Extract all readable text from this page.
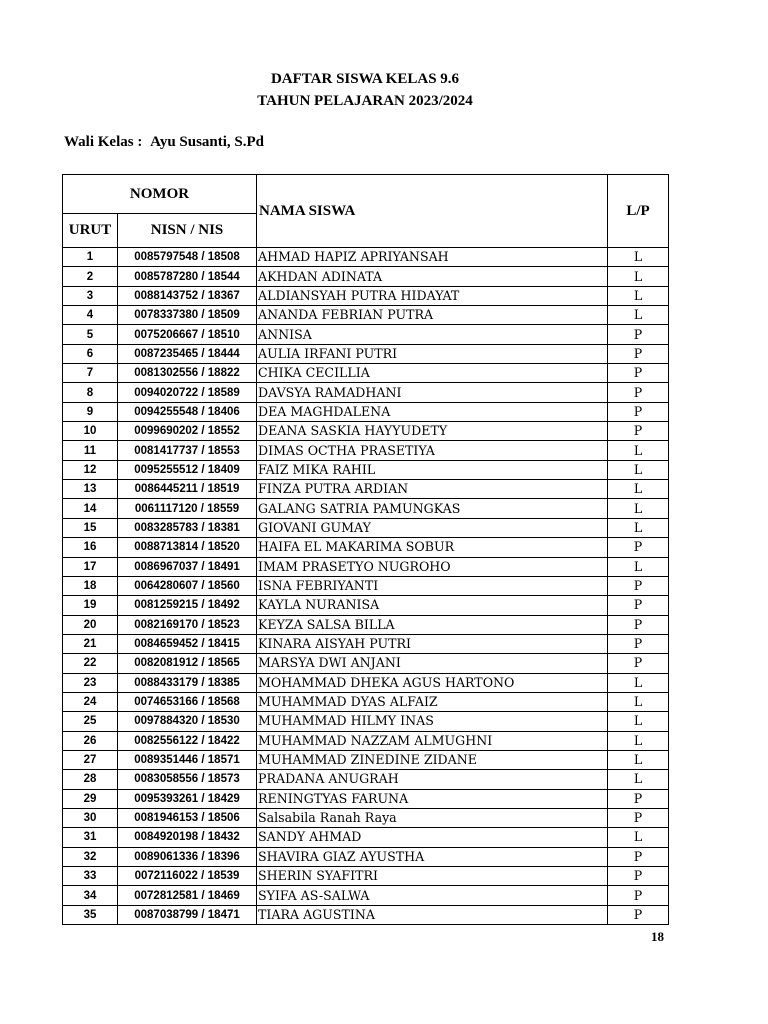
DAFTAR SISWA KELAS 9.6
TAHUN PELAJARAN 2023/2024
Wali Kelas : Ayu Susanti, S.Pd
NOMOR		NAMA SISWA	L/P
URUT	NISN / NIS		
1	0085797548 / 18508	AHMAD HAPIZ APRIYANSAH	L
2	0085787280 / 18544	AKHDAN ADINATA	L
3	0088143752 / 18367	ALDIANSYAH PUTRA HIDAYAT	L
4	0078337380 / 18509	ANANDA FEBRIAN PUTRA	L
5	0075206667 / 18510	ANNISA	P
6	0087235465 / 18444	AULIA IRFANI PUTRI	P
7	0081302556 / 18822	CHIKA CECILLIA	P
8	0094020722 / 18589	DAVSYA RAMADHANI	P
9	0094255548 / 18406	DEA MAGHDALENA	P
10	0099690202 / 18552	DEANA SASKIA HAYYUDETY	P
11	0081417737 / 18553	DIMAS OCTHA PRASETIYA	L
12	0095255512 / 18409	FAIZ MIKA RAHIL	L
13	0086445211 / 18519	FINZA PUTRA ARDIAN	L
14	0061117120 / 18559	GALANG SATRIA PAMUNGKAS	L
15	0083285783 / 18381	GIOVANI GUMAY	L
16	0088713814 / 18520	HAIFA EL MAKARIMA SOBUR	P
17	0086967037 / 18491	IMAM PRASETYO NUGROHO	L
18	0064280607 / 18560	ISNA FEBRIYANTI	P
19	0081259215 / 18492	KAYLA NURANISA	P
20	0082169170 / 18523	KEYZA SALSA BILLA	P
21	0084659452 / 18415	KINARA AISYAH PUTRI	P
22	0082081912 / 18565	MARSYA DWI ANJANI	P
23	0088433179 / 18385	MOHAMMAD DHEKA AGUS HARTONO	L
24	0074653166 / 18568	MUHAMMAD DYAS ALFAIZ	L
25	0097884320 / 18530	MUHAMMAD HILMY INAS	L
26	0082556122 / 18422	MUHAMMAD NAZZAM ALMUGHNI	L
27	0089351446 / 18571	MUHAMMAD ZINEDINE ZIDANE	L
28	0083058556 / 18573	PRADANA ANUGRAH	L
29	0095393261 / 18429	RENINGTYAS FARUNA	P
30	0081946153 / 18506	Salsabila Ranah Raya	P
31	0084920198 / 18432	SANDY AHMAD	L
32	0089061336 / 18396	SHAVIRA GIAZ AYUSTHA	P
33	0072116022 / 18539	SHERIN SYAFITRI	P
34	0072812581 / 18469	SYIFA AS-SALWA	P
35	0087038799 / 18471	TIARA AGUSTINA	P
18
